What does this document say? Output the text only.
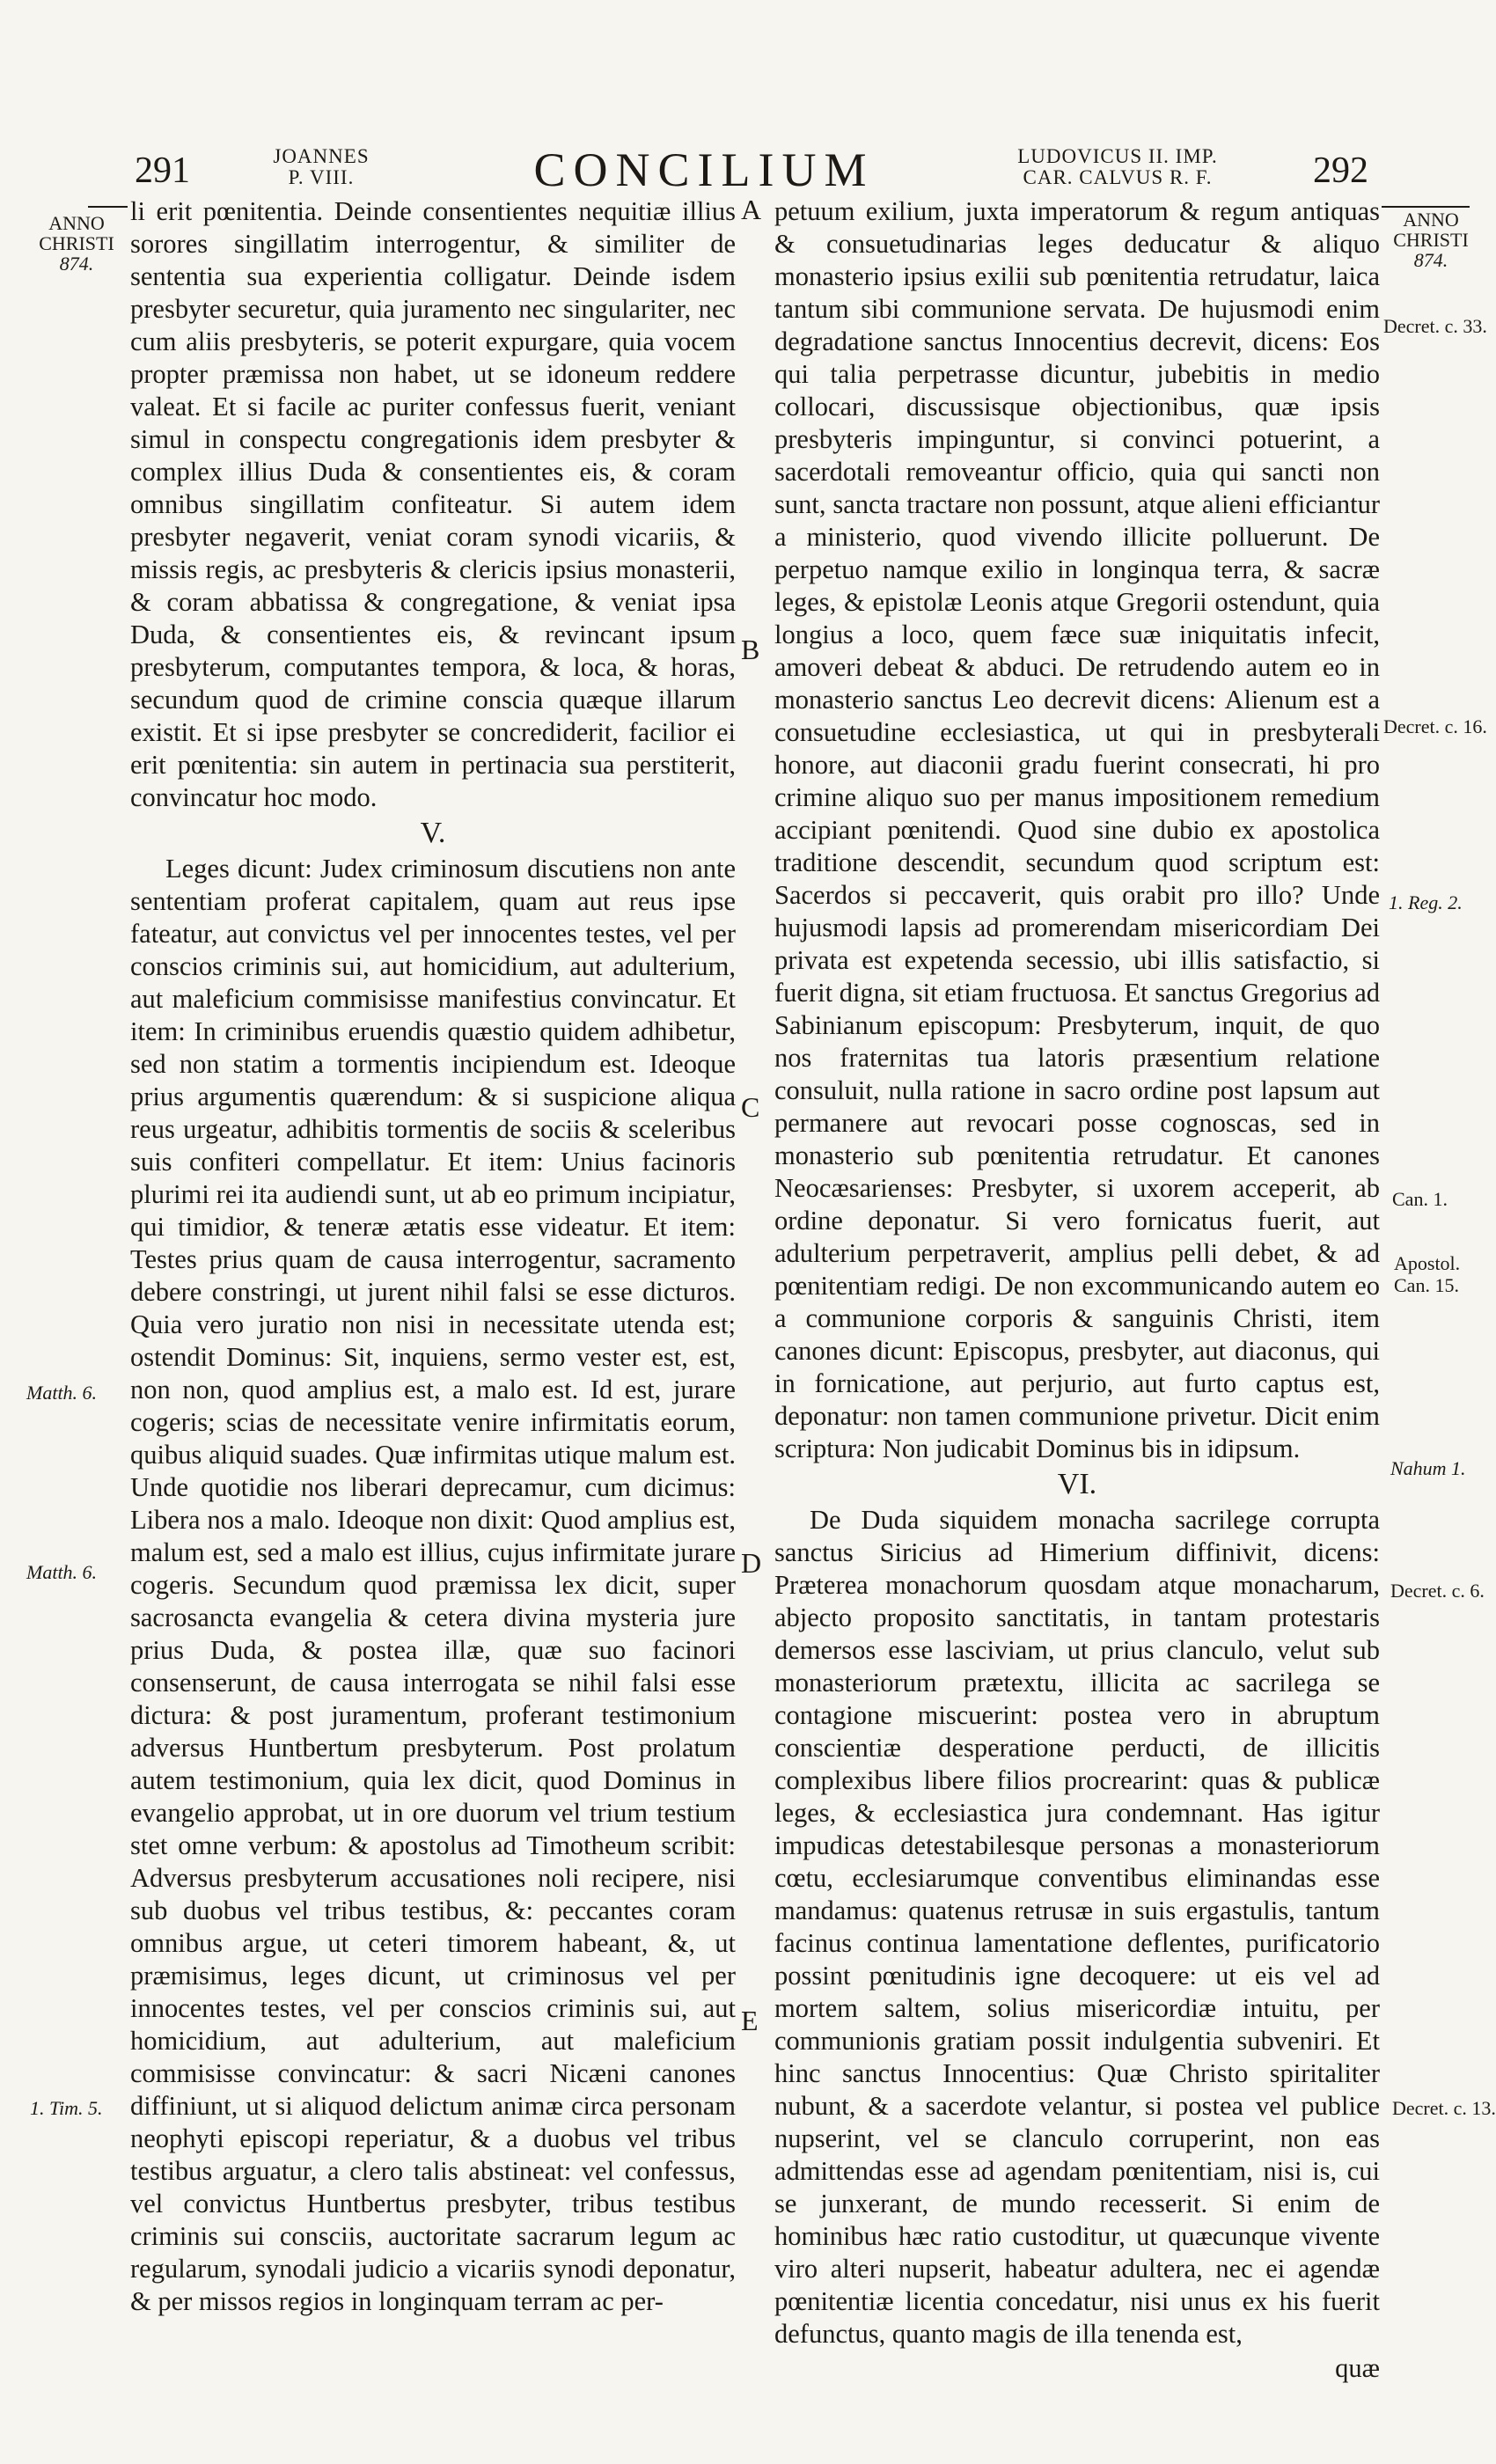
291	JOANNES
P. VIII.	CONCILIUM	LUDOVICUS II. IMP.
CAR. CALVUS R. F.	292
ANNO
CHRISTI
874.
Matth. 6.
Matth. 6.
1. Tim. 5.
ANNO
CHRISTI
874.
Decret. c. 33.
Decret. c. 16.
1. Reg. 2.
Can. 1.
Apostol.
Can. 15.
Nahum 1.
Decret. c. 6.
Decret. c. 13.
A
B
C
D
E

li erit pœnitentia. Deinde consentientes nequitiæ illius sorores singillatim interrogentur, & similiter de sententia sua experientia colligatur. Deinde isdem presbyter securetur, quia juramento nec singulariter, nec cum aliis presbyteris, se poterit expurgare, quia vocem propter præmissa non habet, ut se idoneum reddere valeat. Et si facile ac puriter confessus fuerit, veniant simul in conspectu congregationis idem presbyter & complex illius Duda & consentientes eis, & coram omnibus singillatim confiteatur. Si autem idem presbyter negaverit, veniat coram synodi vicariis, & missis regis, ac presbyteris & clericis ipsius monasterii, & coram abbatissa & congregatione, & veniat ipsa Duda, & consentientes eis, & revincant ipsum presbyterum, computantes tempora, & loca, & horas, secundum quod de crimine conscia quæque illarum existit. Et si ipse presbyter se concrediderit, facilior ei erit pœnitentia: sin autem in pertinacia sua perstiterit, convincatur hoc modo.

V.

Leges dicunt: Judex criminosum discutiens non ante sententiam proferat capitalem, quam aut reus ipse fateatur, aut convictus vel per innocentes testes, vel per conscios criminis sui, aut homicidium, aut adulterium, aut maleficium commisisse manifestius convincatur. Et item: In criminibus eruendis quæstio quidem adhibetur, sed non statim a tormentis incipiendum est. Ideoque prius argumentis quærendum: & si suspicione aliqua reus urgeatur, adhibitis tormentis de sociis & sceleribus suis confiteri compellatur. Et item: Unius facinoris plurimi rei ita audiendi sunt, ut ab eo primum incipiatur, qui timidior, & teneræ ætatis esse videatur. Et item: Testes prius quam de causa interrogentur, sacramento debere constringi, ut jurent nihil falsi se esse dicturos. Quia vero juratio non nisi in necessitate utenda est; ostendit Dominus: Sit, inquiens, sermo vester est, est, non non, quod amplius est, a malo est. Id est, jurare cogeris; scias de necessitate venire infirmitatis eorum, quibus aliquid suades. Quæ infirmitas utique malum est. Unde quotidie nos liberari deprecamur, cum dicimus: Libera nos a malo. Ideoque non dixit: Quod amplius est, malum est, sed a malo est illius, cujus infirmitate jurare cogeris. Secundum quod præmissa lex dicit, super sacrosancta evangelia & cetera divina mysteria jure prius Duda, & postea illæ, quæ suo facinori consenserunt, de causa interrogata se nihil falsi esse dictura: & post juramentum, proferant testimonium adversus Huntbertum presbyterum. Post prolatum autem testimonium, quia lex dicit, quod Dominus in evangelio approbat, ut in ore duorum vel trium testium stet omne verbum: & apostolus ad Timotheum scribit: Adversus presbyterum accusationes noli recipere, nisi sub duobus vel tribus testibus, &: peccantes coram omnibus argue, ut ceteri timorem habeant, &, ut præmisimus, leges dicunt, ut criminosus vel per innocentes testes, vel per conscios criminis sui, aut homicidium, aut adulterium, aut maleficium commisisse convincatur: & sacri Nicæni canones diffiniunt, ut si aliquod delictum animæ circa personam neophyti episcopi reperiatur, & a duobus vel tribus testibus arguatur, a clero talis abstineat: vel confessus, vel convictus Huntbertus presbyter, tribus testibus criminis sui consciis, auctoritate sacrarum legum ac regularum, synodali judicio a vicariis synodi deponatur, & per missos regios in longinquam terram ac per-

petuum exilium, juxta imperatorum & regum antiquas & consuetudinarias leges deducatur & aliquo monasterio ipsius exilii sub pœnitentia retrudatur, laica tantum sibi communione servata. De hujusmodi enim degradatione sanctus Innocentius decrevit, dicens: Eos qui talia perpetrasse dicuntur, jubebitis in medio collocari, discussisque objectionibus, quæ ipsis presbyteris impinguntur, si convinci potuerint, a sacerdotali removeantur officio, quia qui sancti non sunt, sancta tractare non possunt, atque alieni efficiantur a ministerio, quod vivendo illicite polluerunt. De perpetuo namque exilio in longinqua terra, & sacræ leges, & epistolæ Leonis atque Gregorii ostendunt, quia longius a loco, quem fæce suæ iniquitatis infecit, amoveri debeat & abduci. De retrudendo autem eo in monasterio sanctus Leo decrevit dicens: Alienum est a consuetudine ecclesiastica, ut qui in presbyterali honore, aut diaconii gradu fuerint consecrati, hi pro crimine aliquo suo per manus impositionem remedium accipiant pœnitendi. Quod sine dubio ex apostolica traditione descendit, secundum quod scriptum est: Sacerdos si peccaverit, quis orabit pro illo? Unde hujusmodi lapsis ad promerendam misericordiam Dei privata est expetenda secessio, ubi illis satisfactio, si fuerit digna, sit etiam fructuosa. Et sanctus Gregorius ad Sabinianum episcopum: Presbyterum, inquit, de quo nos fraternitas tua latoris præsentium relatione consuluit, nulla ratione in sacro ordine post lapsum aut permanere aut revocari posse cognoscas, sed in monasterio sub pœnitentia retrudatur. Et canones Neocæsarienses: Presbyter, si uxorem acceperit, ab ordine deponatur. Si vero fornicatus fuerit, aut adulterium perpetraverit, amplius pelli debet, & ad pœnitentiam redigi. De non excommunicando autem eo a communione corporis & sanguinis Christi, item canones dicunt: Episcopus, presbyter, aut diaconus, qui in fornicatione, aut perjurio, aut furto captus est, deponatur: non tamen communione privetur. Dicit enim scriptura: Non judicabit Dominus bis in idipsum.

VI.

De Duda siquidem monacha sacrilege corrupta sanctus Siricius ad Himerium diffinivit, dicens: Præterea monachorum quosdam atque monacharum, abjecto proposito sanctitatis, in tantam protestaris demersos esse lasciviam, ut prius clanculo, velut sub monasteriorum prætextu, illicita ac sacrilega se contagione miscuerint: postea vero in abruptum conscientiæ desperatione perducti, de illicitis complexibus libere filios procrearint: quas & publicæ leges, & ecclesiastica jura condemnant. Has igitur impudicas detestabilesque personas a monasteriorum cœtu, ecclesiarumque conventibus eliminandas esse mandamus: quatenus retrusæ in suis ergastulis, tantum facinus continua lamentatione deflentes, purificatorio possint pœnitudinis igne decoquere: ut eis vel ad mortem saltem, solius misericordiæ intuitu, per communionis gratiam possit indulgentia subveniri. Et hinc sanctus Innocentius: Quæ Christo spiritaliter nubunt, & a sacerdote velantur, si postea vel publice nupserint, vel se clanculo corruperint, non eas admittendas esse ad agendam pœnitentiam, nisi is, cui se junxerant, de mundo recesserit. Si enim de hominibus hæc ratio custoditur, ut quæcunque vivente viro alteri nupserit, habeatur adultera, nec ei agendæ pœnitentiæ licentia concedatur, nisi unus ex his fuerit defunctus, quanto magis de illa tenenda est,

quæ
